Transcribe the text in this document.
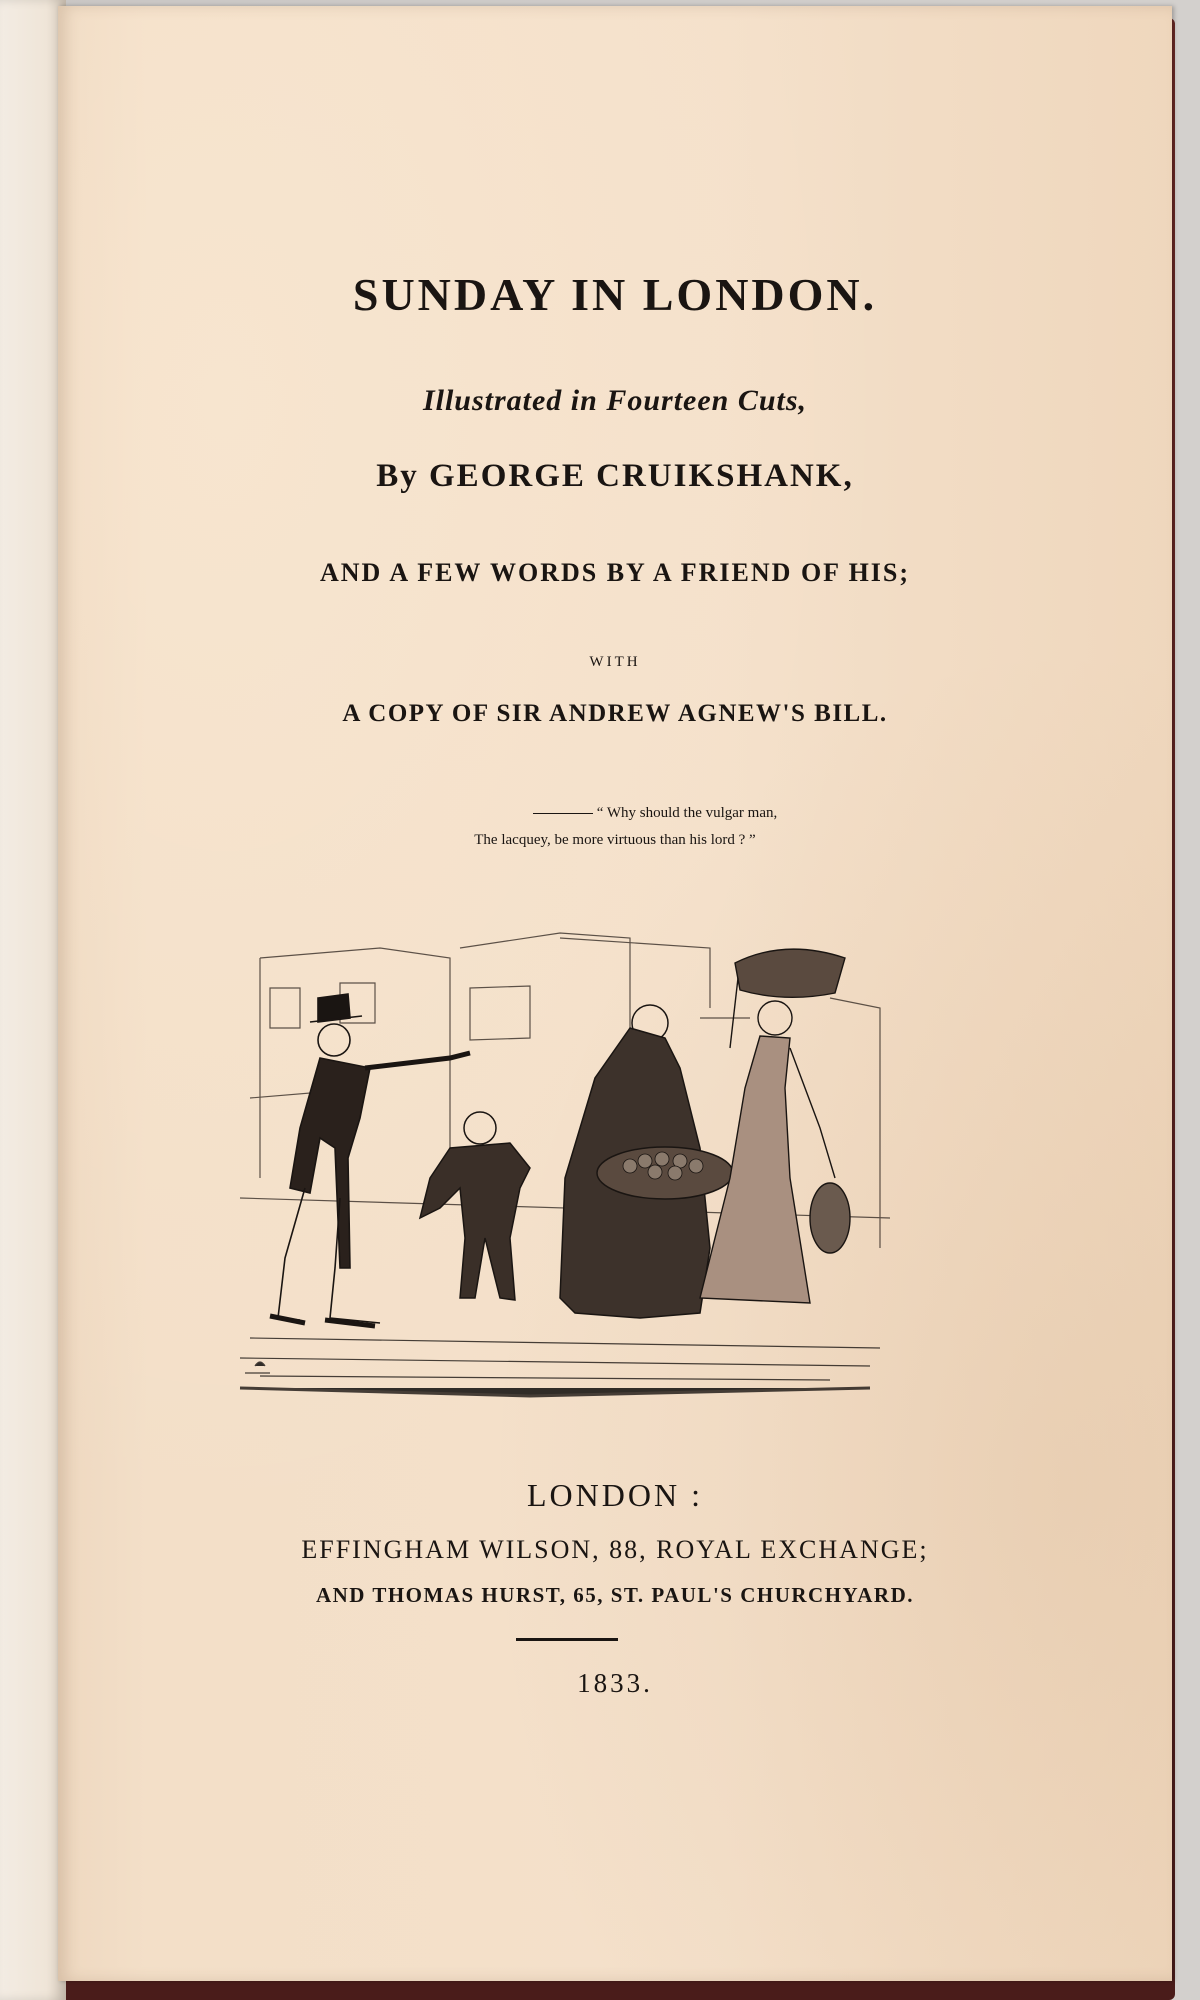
SUNDAY IN LONDON.
Illustrated in Fourteen Cuts,
By GEORGE CRUIKSHANK,
AND A FEW WORDS BY A FRIEND OF HIS;
WITH
A COPY OF SIR ANDREW AGNEW'S BILL.
“ Why should the vulgar man,
The lacquey, be more virtuous than his lord ? ”
LONDON :
EFFINGHAM WILSON, 88, ROYAL EXCHANGE;
AND THOMAS HURST, 65, ST. PAUL'S CHURCHYARD.
1833.
